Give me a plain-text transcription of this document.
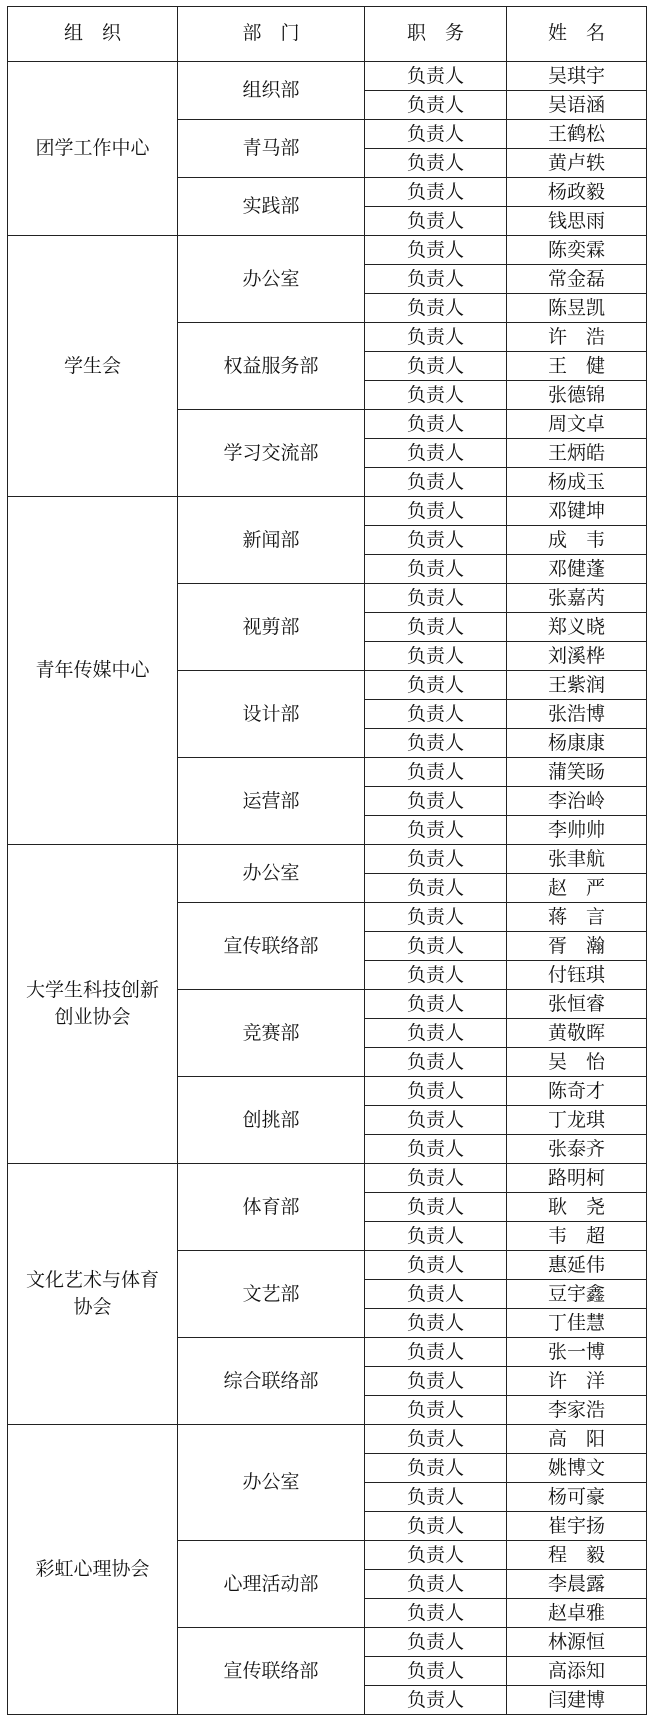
组　织	部　门	职　务	姓　名
团学工作中心	组织部	负责人	吴琪宇
		负责人	吴语涵
	青马部	负责人	王鹤松
		负责人	黄卢轶
	实践部	负责人	杨政毅
		负责人	钱思雨
学生会	办公室	负责人	陈奕霖
		负责人	常金磊
		负责人	陈昱凯
	权益服务部	负责人	许　浩
		负责人	王　健
		负责人	张德锦
	学习交流部	负责人	周文卓
		负责人	王炳皓
		负责人	杨成玉
青年传媒中心	新闻部	负责人	邓键坤
		负责人	成　韦
		负责人	邓健蓬
	视剪部	负责人	张嘉芮
		负责人	郑义晓
		负责人	刘溪桦
	设计部	负责人	王紫润
		负责人	张浩博
		负责人	杨康康
	运营部	负责人	蒲笑旸
		负责人	李治岭
		负责人	李帅帅
大学生科技创新创业协会	办公室	负责人	张聿航
		负责人	赵　严
	宣传联络部	负责人	蒋　言
		负责人	胥　瀚
		负责人	付钰琪
	竞赛部	负责人	张恒睿
		负责人	黄敬晖
		负责人	吴　怡
	创挑部	负责人	陈奇才
		负责人	丁龙琪
		负责人	张泰齐
文化艺术与体育协会	体育部	负责人	路明柯
		负责人	耿　尧
		负责人	韦　超
	文艺部	负责人	惠延伟
		负责人	豆宇鑫
		负责人	丁佳慧
	综合联络部	负责人	张一博
		负责人	许　洋
		负责人	李家浩
彩虹心理协会	办公室	负责人	高　阳
		负责人	姚博文
		负责人	杨可豪
		负责人	崔宇扬
	心理活动部	负责人	程　毅
		负责人	李晨露
		负责人	赵卓雅
	宣传联络部	负责人	林源恒
		负责人	高添知
		负责人	闫建博
